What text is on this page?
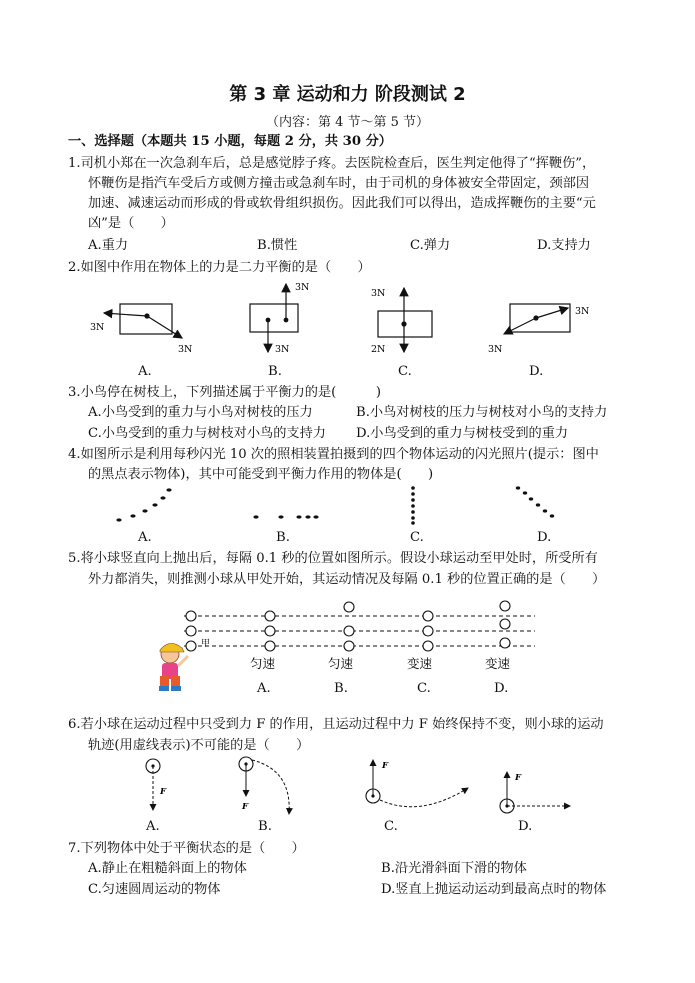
第 3 章 运动和力 阶段测试 2
（内容：第 4 节～第 5 节）
一、选择题（本题共 15 小题，每题 2 分，共 30 分）
1.司机小郑在一次急刹车后，总是感觉脖子疼。去医院检查后，医生判定他得了“挥鞭伤”，
怀鞭伤是指汽车受后方或侧方撞击或急刹车时，由于司机的身体被安全带固定，颈部因
加速、减速运动而形成的骨或软骨组织损伤。因此我们可以得出，造成挥鞭伤的主要“元
凶”是（　　）
A.重力	B.惯性	C.弹力	D.支持力
2.如图中作用在物体上的力是二力平衡的是（　　）
3N
3N
3N
3N
3N
2N
3N
3N
A.	B.	C.	D.
3.小鸟停在树枝上，下列描述属于平衡力的是(　　　)
A.小鸟受到的重力与小鸟对树枝的压力	B.小鸟对树枝的压力与树枝对小鸟的支持力
C.小鸟受到的重力与树枝对小鸟的支持力 D.小鸟受到的重力与树枝受到的重力
4.如图所示是利用每秒闪光 10 次的照相装置拍摄到的四个物体运动的闪光照片(提示：图中
的黑点表示物体)，其中可能受到平衡力作用的物体是(　　)
A.	B.	C.	D.
5.将小球竖直向上抛出后，每隔 0.1 秒的位置如图所示。假设小球运动至甲处时，所受所有
外力都消失，则推测小球从甲处开始，其运动情况及每隔 0.1 秒的位置正确的是（　　）
甲
匀速	匀速	变速	变速
A.	B.	C.	D.
6.若小球在运动过程中只受到力 F 的作用，且运动过程中力 F 始终保持不变，则小球的运动
轨迹(用虚线表示)不可能的是（　　）
F
F
F
F
A.	B.	C.	D.
7.下列物体中处于平衡状态的是（　　）
A.静止在粗糙斜面上的物体	B.沿光滑斜面下滑的物体
C.匀速圆周运动的物体	D.竖直上抛运动运动到最高点时的物体
